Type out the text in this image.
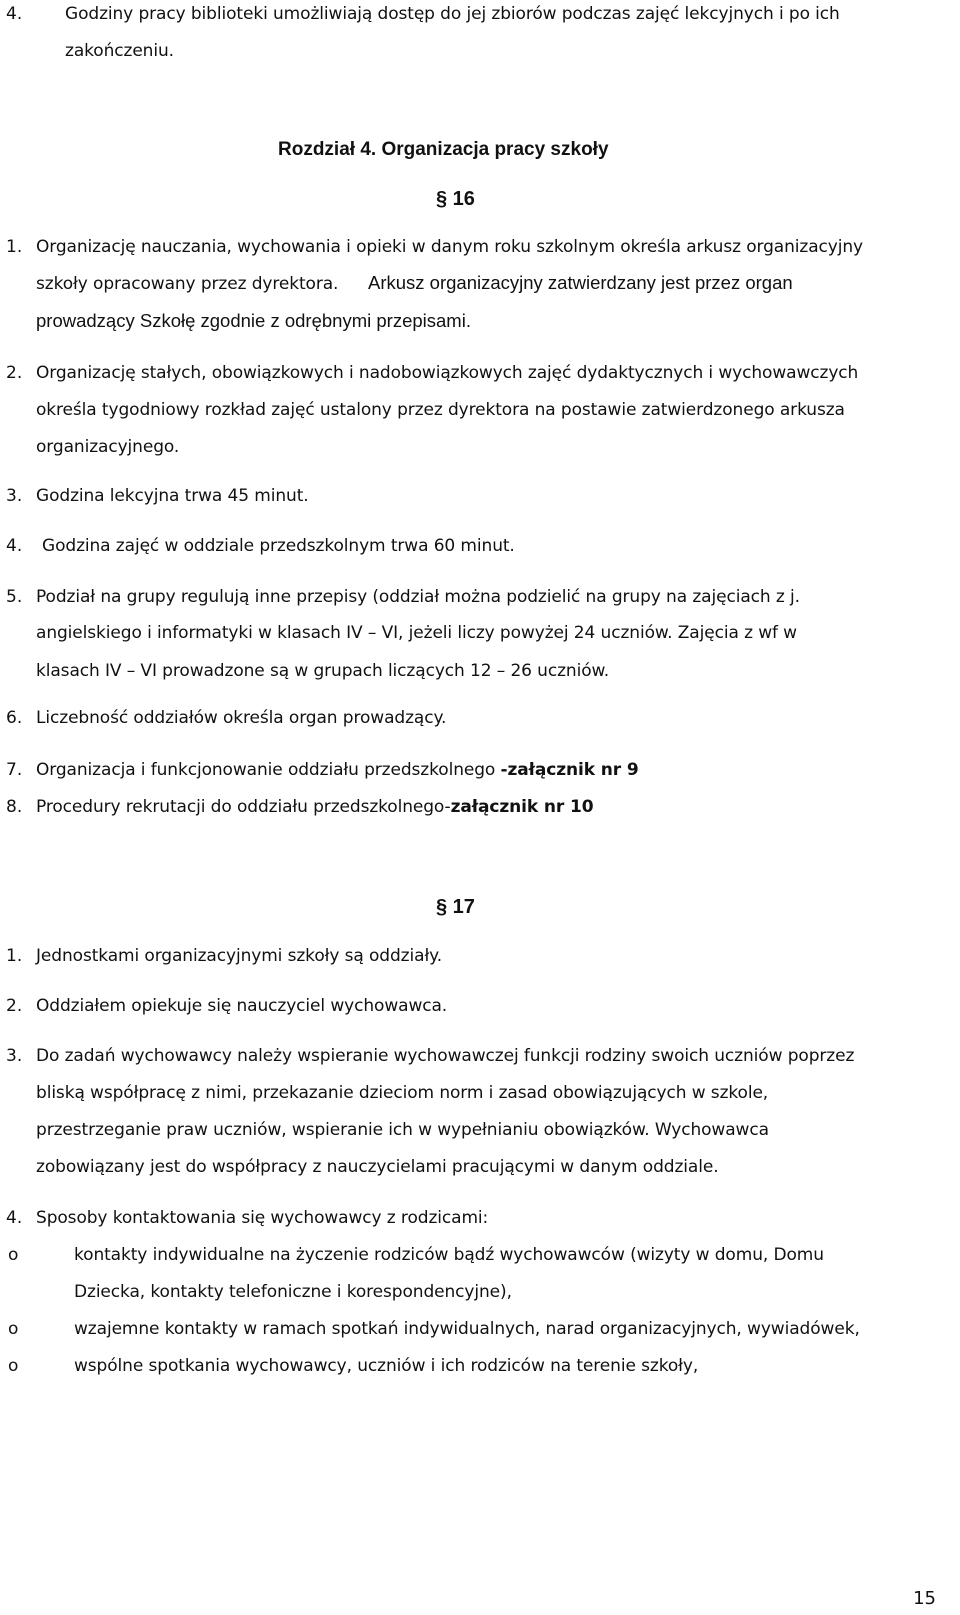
4.	Godziny pracy biblioteki umożliwiają dostęp do jej zbiorów podczas zajęć lekcyjnych i po ich
zakończeniu.
Rozdział 4. Organizacja pracy szkoły
§ 16
1. Organizację nauczania, wychowania i opieki w danym roku szkolnym określa arkusz organizacyjny
szkoły opracowany przez dyrektora. Arkusz organizacyjny zatwierdzany jest przez organ
prowadzący Szkołę zgodnie z odrębnymi przepisami.
2. Organizację stałych, obowiązkowych i nadobowiązkowych zajęć dydaktycznych i wychowawczych
określa tygodniowy rozkład zajęć ustalony przez dyrektora na postawie zatwierdzonego arkusza
organizacyjnego.
3. Godzina lekcyjna trwa 45 minut.
4. Godzina zajęć w oddziale przedszkolnym trwa 60 minut.
5. Podział na grupy regulują inne przepisy (oddział można podzielić na grupy na zajęciach z j.
angielskiego i informatyki w klasach IV – VI, jeżeli liczy powyżej 24 uczniów. Zajęcia z wf w
klasach IV – VI prowadzone są w grupach liczących 12 – 26 uczniów.
6. Liczebność oddziałów określa organ prowadzący.
7. Organizacja i funkcjonowanie oddziału przedszkolnego -załącznik nr 9
8. Procedury rekrutacji do oddziału przedszkolnego-załącznik nr 10
§ 17
1. Jednostkami organizacyjnymi szkoły są oddziały.
2. Oddziałem opiekuje się nauczyciel wychowawca.
3. Do zadań wychowawcy należy wspieranie wychowawczej funkcji rodziny swoich uczniów poprzez
bliską współpracę z nimi, przekazanie dzieciom norm i zasad obowiązujących w szkole,
przestrzeganie praw uczniów, wspieranie ich w wypełnianiu obowiązków. Wychowawca
zobowiązany jest do współpracy z nauczycielami pracującymi w danym oddziale.
4. Sposoby kontaktowania się wychowawcy z rodzicami:
o	kontakty indywidualne na życzenie rodziców bądź wychowawców (wizyty w domu, Domu
Dziecka, kontakty telefoniczne i korespondencyjne),
o	wzajemne kontakty w ramach spotkań indywidualnych, narad organizacyjnych, wywiadówek,
o	wspólne spotkania wychowawcy, uczniów i ich rodziców na terenie szkoły,
15
